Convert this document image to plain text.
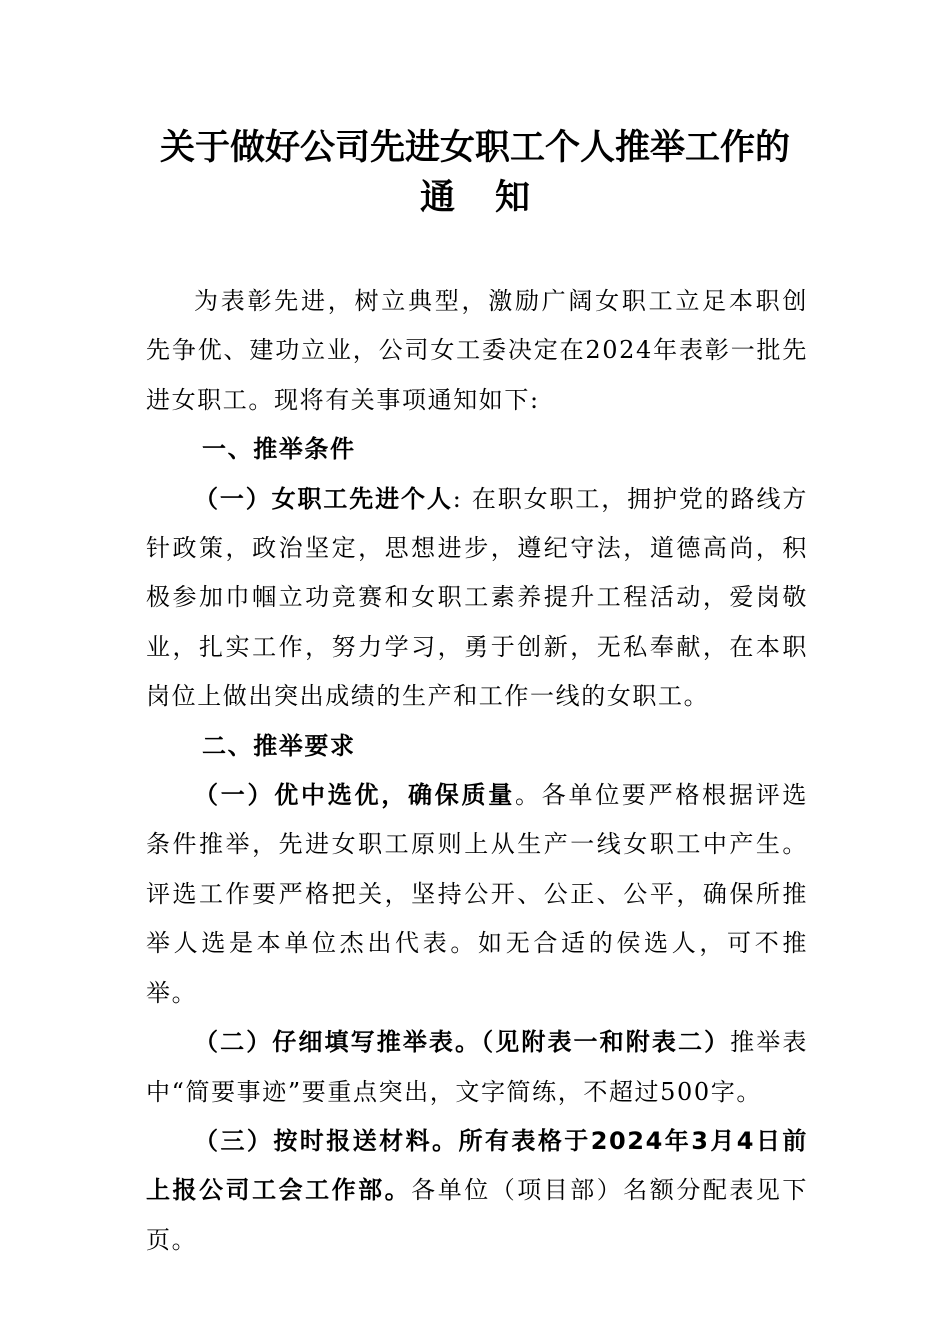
关于做好公司先进女职工个人推举工作的
通知

为表彰先进，树立典型，激励广阔女职工立足本职创先争优、建功立业，公司女工委决定在2024年表彰一批先进女职工。现将有关事项通知如下:

一、推举条件

（一）女职工先进个人: 在职女职工，拥护党的路线方针政策，政治坚定，思想进步，遵纪守法，道德高尚，积极参加巾帼立功竞赛和女职工素养提升工程活动，爱岗敬业，扎实工作，努力学习，勇于创新，无私奉献，在本职岗位上做出突出成绩的生产和工作一线的女职工。

二、推举要求

（一）优中选优，确保质量。各单位要严格根据评选条件推举，先进女职工原则上从生产一线女职工中产生。评选工作要严格把关，坚持公开、公正、公平，确保所推举人选是本单位杰出代表。如无合适的侯选人，可不推举。

（二）仔细填写推举表。（见附表一和附表二）推举表中“简要事迹”要重点突出，文字简练，不超过500字。

（三）按时报送材料。所有表格于2024年3月4日前上报公司工会工作部。各单位（项目部）名额分配表见下页。
